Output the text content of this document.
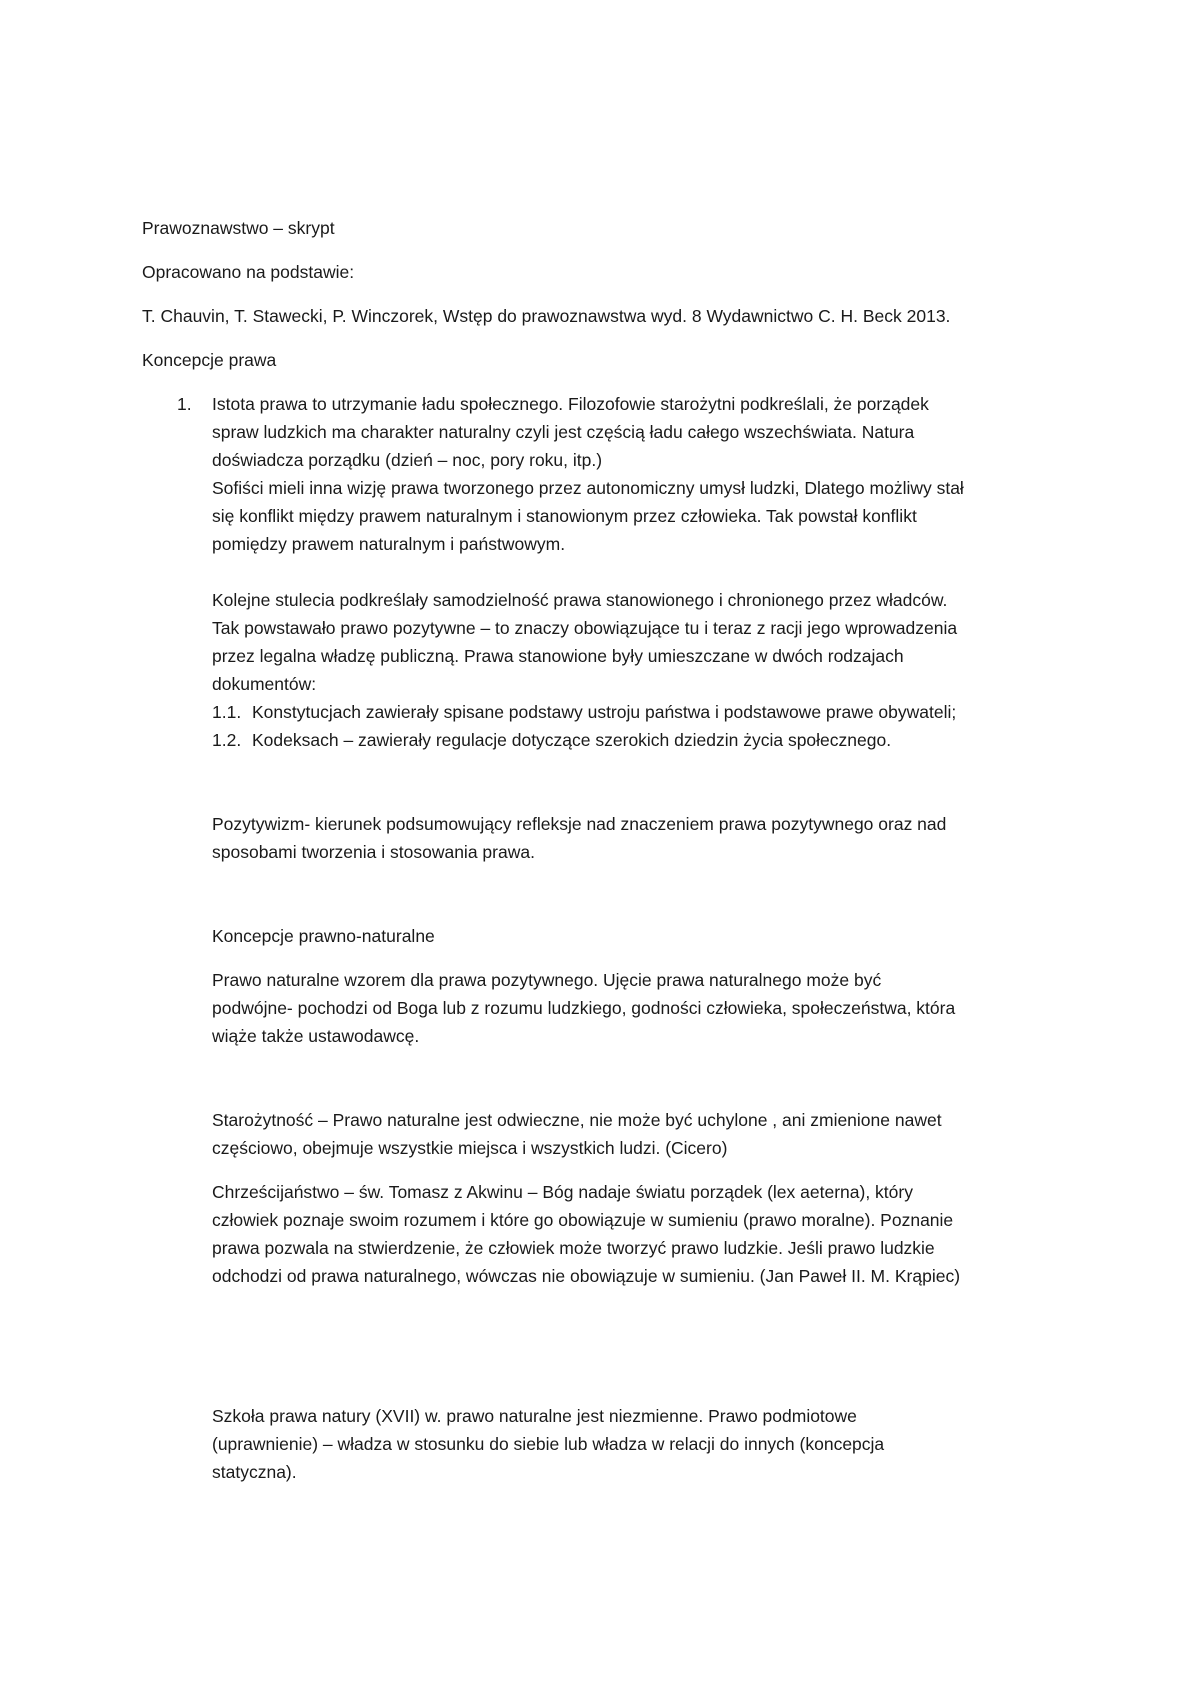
Prawoznawstwo – skrypt

Opracowano na podstawie:

T. Chauvin, T. Stawecki, P. Winczorek, Wstęp do prawoznawstwa wyd. 8 Wydawnictwo C. H. Beck 2013.

Koncepcje prawa

1. Istota prawa to utrzymanie ładu społecznego. Filozofowie starożytni podkreślali, że porządek

spraw ludzkich ma charakter naturalny czyli jest częścią ładu całego wszechświata. Natura

doświadcza porządku (dzień – noc, pory roku, itp.)

Sofiści mieli inna wizję prawa tworzonego przez autonomiczny umysł ludzki, Dlatego możliwy stał

się konflikt między prawem naturalnym i stanowionym przez człowieka. Tak powstał konflikt

pomiędzy prawem naturalnym i państwowym.

Kolejne stulecia podkreślały samodzielność prawa stanowionego i chronionego przez władców.

Tak powstawało prawo pozytywne – to znaczy obowiązujące tu i teraz z racji jego wprowadzenia

przez legalna władzę publiczną. Prawa stanowione były umieszczane w dwóch rodzajach

dokumentów:

1.1. Konstytucjach zawierały spisane podstawy ustroju państwa i podstawowe prawe obywateli;

1.2. Kodeksach – zawierały regulacje dotyczące szerokich dziedzin życia społecznego.

Pozytywizm- kierunek podsumowujący refleksje nad znaczeniem prawa pozytywnego oraz nad

sposobami tworzenia i stosowania prawa.

Koncepcje prawno-naturalne

Prawo naturalne wzorem dla prawa pozytywnego. Ujęcie prawa naturalnego może być

podwójne- pochodzi od Boga lub z rozumu ludzkiego, godności człowieka, społeczeństwa, która

wiąże także ustawodawcę.

Starożytność – Prawo naturalne jest odwieczne, nie może być uchylone , ani zmienione nawet

częściowo, obejmuje wszystkie miejsca i wszystkich ludzi. (Cicero)

Chrześcijaństwo – św. Tomasz z Akwinu – Bóg nadaje światu porządek (lex aeterna), który

człowiek poznaje swoim rozumem i które go obowiązuje w sumieniu (prawo moralne). Poznanie

prawa pozwala na stwierdzenie, że człowiek może tworzyć prawo ludzkie. Jeśli prawo ludzkie

odchodzi od prawa naturalnego, wówczas nie obowiązuje w sumieniu. (Jan Paweł II. M. Krąpiec)

Szkoła prawa natury (XVII) w. prawo naturalne jest niezmienne. Prawo podmiotowe

(uprawnienie) – władza w stosunku do siebie lub władza w relacji do innych (koncepcja

statyczna).
